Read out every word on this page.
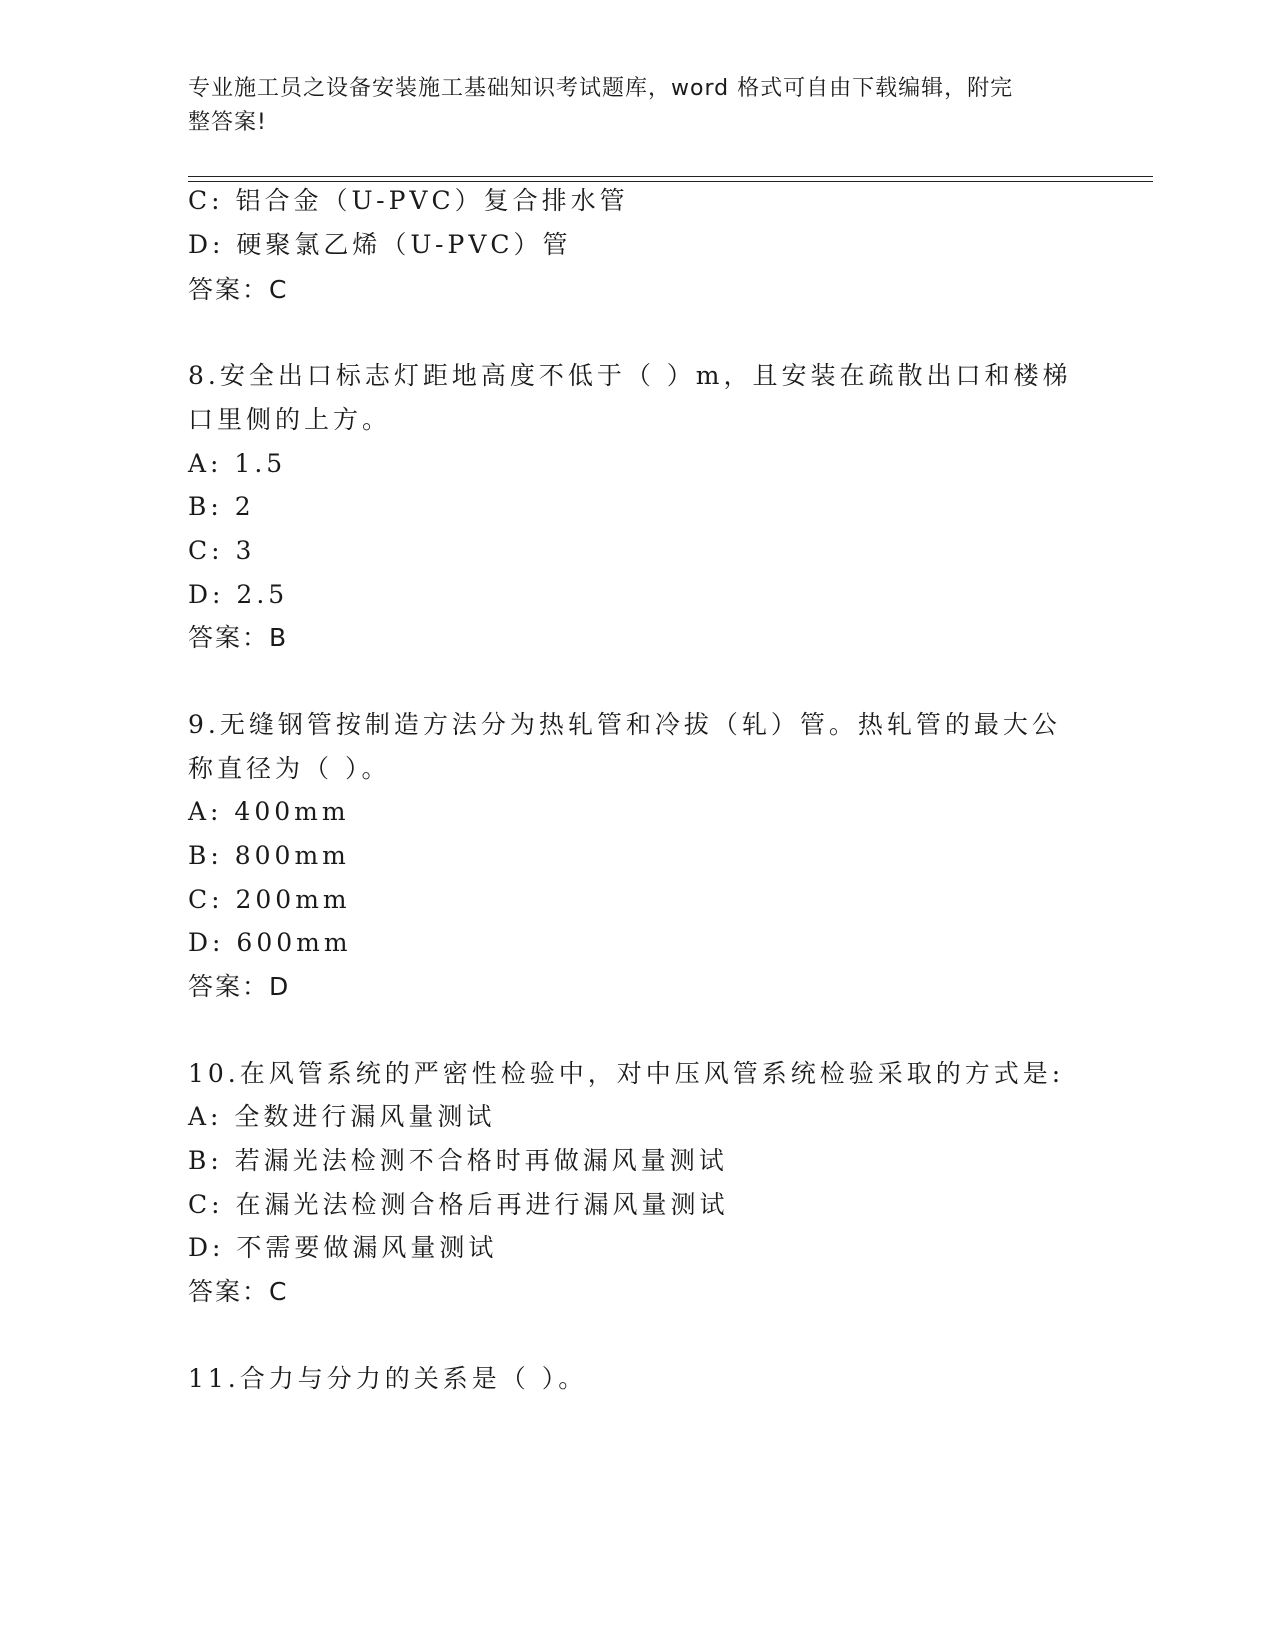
专业施工员之设备安装施工基础知识考试题库，word 格式可自由下载编辑，附完
整答案!
C: 铝合金（U-PVC）复合排水管
D: 硬聚氯乙烯（U-PVC）管
答案：C
8.安全出口标志灯距地高度不低于（ ）m，且安装在疏散出口和楼梯
口里侧的上方。
A: 1.5
B: 2
C: 3
D: 2.5
答案：B
9.无缝钢管按制造方法分为热轧管和冷拔（轧）管。热轧管的最大公
称直径为（ ）。
A: 400mm
B: 800mm
C: 200mm
D: 600mm
答案：D
10.在风管系统的严密性检验中，对中压风管系统检验采取的方式是:
A: 全数进行漏风量测试
B: 若漏光法检测不合格时再做漏风量测试
C: 在漏光法检测合格后再进行漏风量测试
D: 不需要做漏风量测试
答案：C
11.合力与分力的关系是（ ）。
